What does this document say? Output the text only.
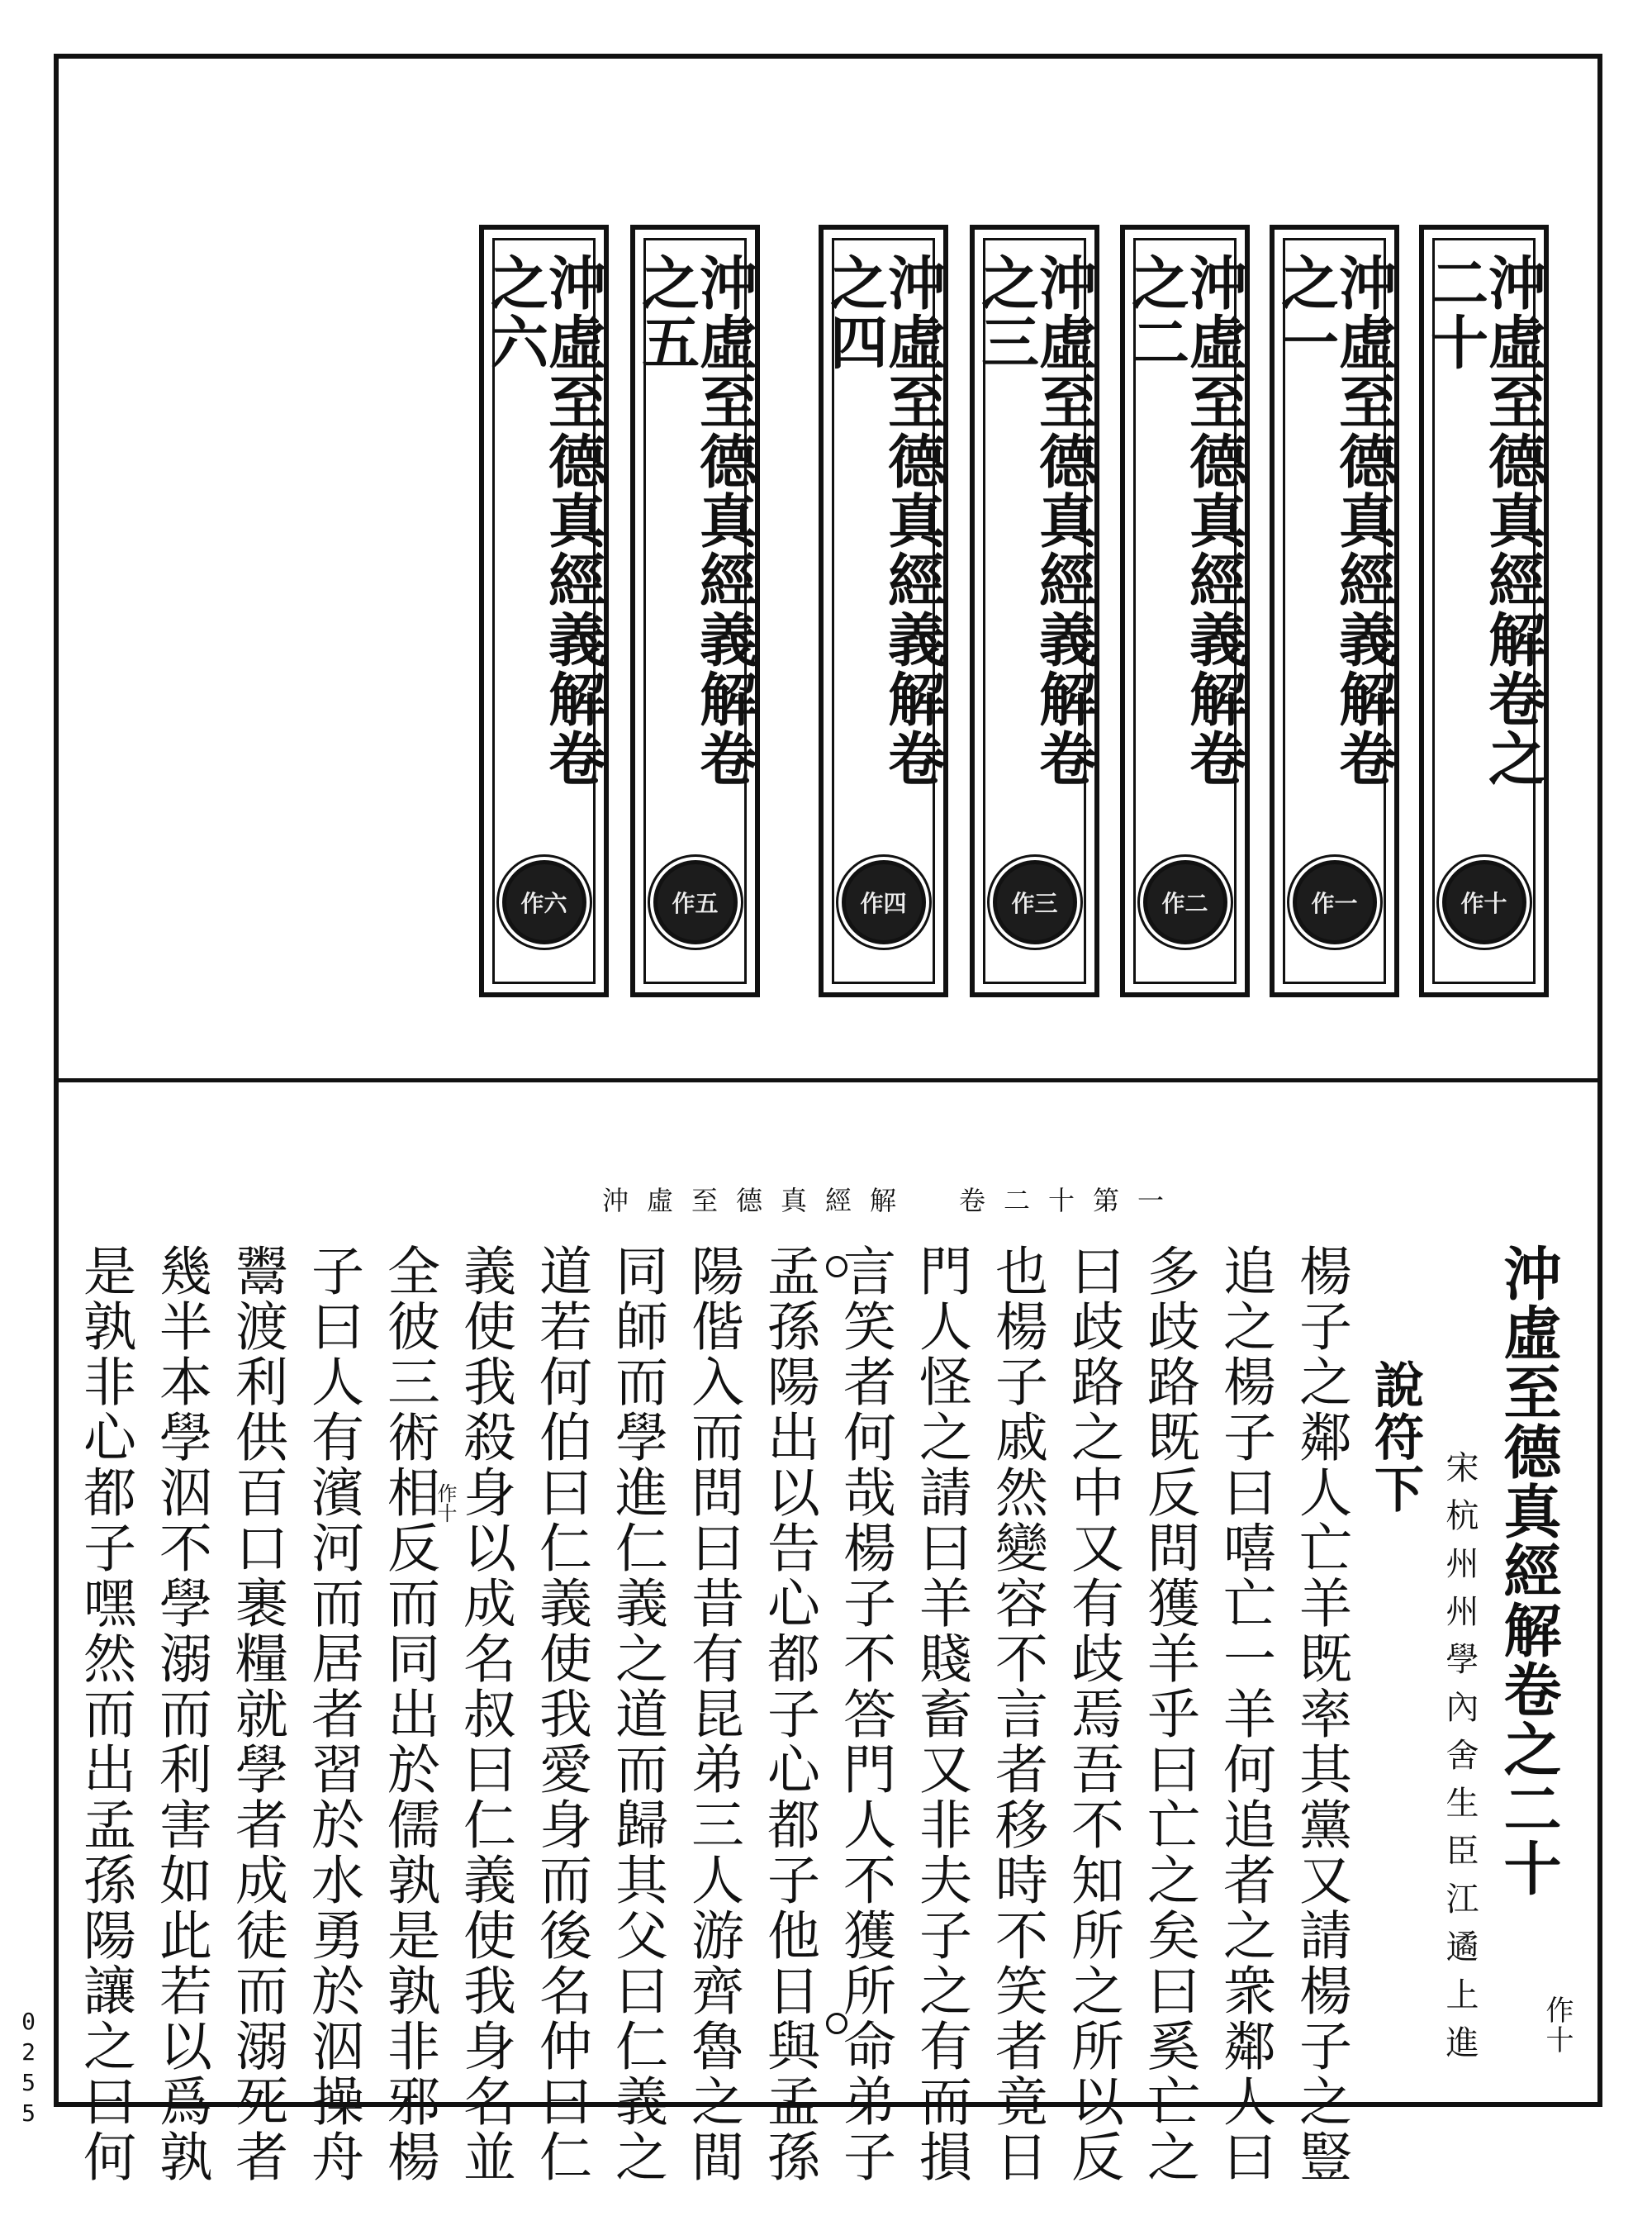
沖虛至德真經解卷之二十
作十
沖虛至德真經義解卷之一
作一
沖虛至德真經義解卷之二
作二
沖虛至德真經義解卷之三
作三
沖虛至德真經義解卷之四
作四
沖虛至德真經義解卷之五
作五
沖虛至德真經義解卷之六
作六
沖虛至德真經解　卷二十第一
沖虛至德真經解卷之二十
宋杭州州學內舍生臣江遹上進
說符下
楊子之鄰人亡羊既率其黨又請楊子之豎
追之楊子曰嘻亡一羊何追者之衆鄰人曰
多歧路既反問獲羊乎曰亡之矣曰奚亡之
曰歧路之中又有歧焉吾不知所之所以反
也楊子戚然變容不言者移時不笑者竟日
門人怪之請曰羊賤畜又非夫子之有而損
言笑者何哉楊子不答門人不獲所命弟子
孟孫陽出以告心都子心都子他日與孟孫
陽偕入而問曰昔有昆弟三人游齊魯之間
同師而學進仁義之道而歸其父曰仁義之
道若何伯曰仁義使我愛身而後名仲曰仁
義使我殺身以成名叔曰仁義使我身名並
全彼三術相反而同出於儒孰是孰非邪楊
子曰人有濱河而居者習於水勇於泅操舟
鬻渡利供百口裹糧就學者成徒而溺死者
幾半本學泅不學溺而利害如此若以爲孰
是孰非心都子嘿然而出孟孫陽讓之曰何	作十
作十
0255
